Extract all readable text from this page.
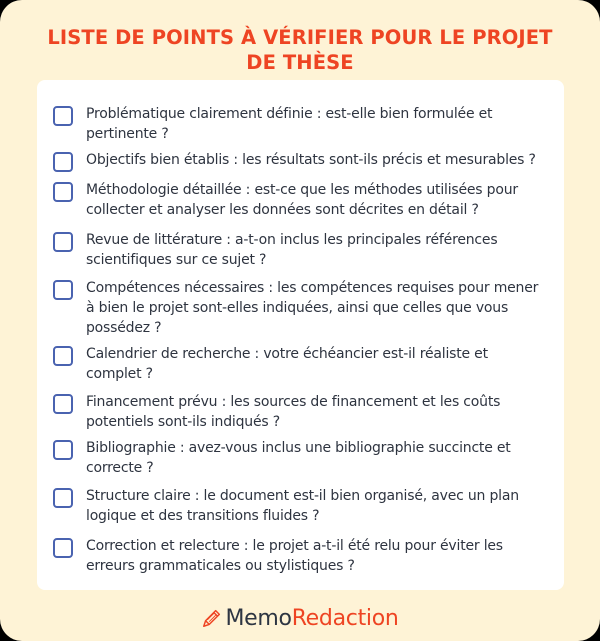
LISTE DE POINTS À VÉRIFIER POUR LE PROJET DE THÈSE
Problématique clairement définie : est-elle bien formulée et pertinente ?
Objectifs bien établis : les résultats sont-ils précis et mesurables ?
Méthodologie détaillée : est-ce que les méthodes utilisées pour collecter et analyser les données sont décrites en détail ?
Revue de littérature : a-t-on inclus les principales références scientifiques sur ce sujet ?
Compétences nécessaires : les compétences requises pour mener à bien le projet sont-elles indiquées, ainsi que celles que vous possédez ?
Calendrier de recherche : votre échéancier est-il réaliste et complet ?
Financement prévu : les sources de financement et les coûts potentiels sont-ils indiqués ?
Bibliographie : avez-vous inclus une bibliographie succincte et correcte ?
Structure claire : le document est-il bien organisé, avec un plan logique et des transitions fluides ?
Correction et relecture : le projet a-t-il été relu pour éviter les erreurs grammaticales ou stylistiques ?
MemoRedaction
